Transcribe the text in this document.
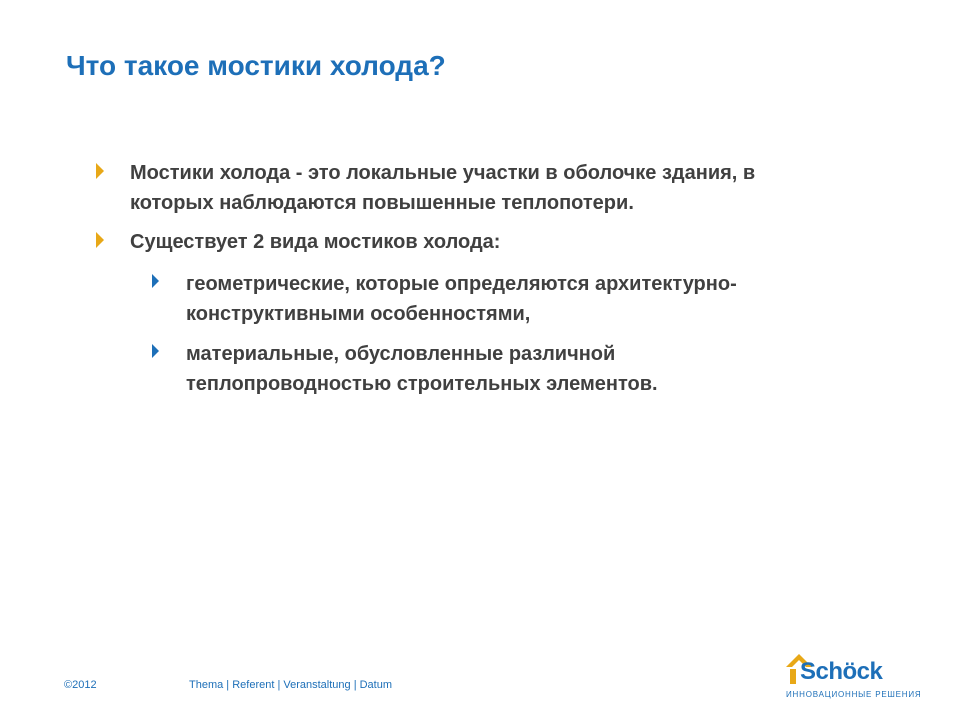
Что такое мостики холода?
Мостики холода - это локальные участки в оболочке здания, в
которых наблюдаются повышенные теплопотери.
Существует 2 вида мостиков холода:
геометрические, которые определяются архитектурно-
конструктивными особенностями,
материальные, обусловленные различной
теплопроводностью строительных элементов.
©2012	Thema | Referent | Veranstaltung | Datum	Schöck
ИННОВАЦИОННЫЕ РЕШЕНИЯ
